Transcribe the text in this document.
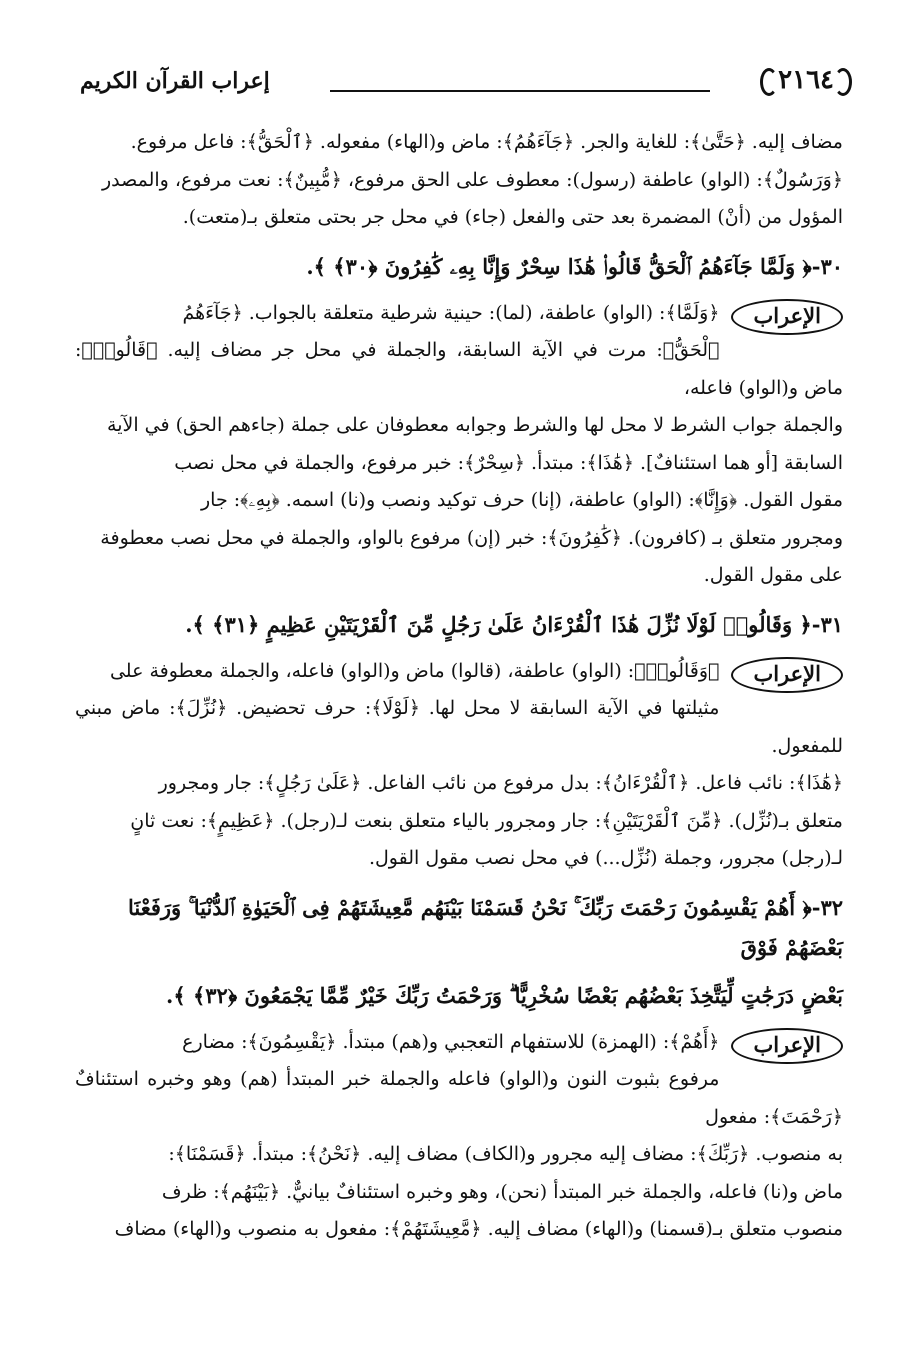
٢١٦٤
إعراب القرآن الكريم
مضاف إليه. ﴿حَتَّىٰ﴾: للغاية والجر. ﴿جَآءَهُمُ﴾: ماض و(الهاء) مفعوله. ﴿ٱلْحَقُّ﴾: فاعل مرفوع.
﴿وَرَسُولٌ﴾: (الواو) عاطفة (رسول): معطوف على الحق مرفوع، ﴿مُّبِينٌ﴾: نعت مرفوع، والمصدر
المؤول من (أنْ) المضمرة بعد حتى والفعل (جاء) في محل جر بحتى متعلق بـ(متعت).
٣٠-﴿ وَلَمَّا جَآءَهُمُ ٱلْحَقُّ قَالُوا۟ هَٰذَا سِحْرٌ وَإِنَّا بِهِۦ كَٰفِرُونَ ﴿٣٠﴾ ﴾.
الإعراب
﴿وَلَمَّا﴾: (الواو) عاطفة، (لما): حينية شرطية متعلقة بالجواب. ﴿جَآءَهُمُ
ٱلْحَقُّ﴾: مرت في الآية السابقة، والجملة في محل جر مضاف إليه. ﴿قَالُوا۟﴾: ماض و(الواو) فاعله،
والجملة جواب الشرط لا محل لها والشرط وجوابه معطوفان على جملة (جاءهم الحق) في الآية
السابقة [أو هما استئنافٌ]. ﴿هَٰذَا﴾: مبتدأ. ﴿سِحْرٌ﴾: خبر مرفوع، والجملة في محل نصب
مقول القول. ﴿وَإِنَّا﴾: (الواو) عاطفة، (إنا) حرف توكيد ونصب و(نا) اسمه. ﴿بِهِۦ﴾: جار
ومجرور متعلق بـ (كافرون). ﴿كَٰفِرُونَ﴾: خبر (إن) مرفوع بالواو، والجملة في محل نصب معطوفة
على مقول القول.
٣١-﴿ وَقَالُوا۟ لَوْلَا نُزِّلَ هَٰذَا ٱلْقُرْءَانُ عَلَىٰ رَجُلٍ مِّنَ ٱلْقَرْيَتَيْنِ عَظِيمٍ ﴿٣١﴾ ﴾.
الإعراب
﴿وَقَالُوا۟﴾: (الواو) عاطفة، (قالوا) ماض و(الواو) فاعله، والجملة معطوفة على
مثيلتها في الآية السابقة لا محل لها. ﴿لَوْلَا﴾: حرف تحضيض. ﴿نُزِّلَ﴾: ماض مبني للمفعول.
﴿هَٰذَا﴾: نائب فاعل. ﴿ٱلْقُرْءَانُ﴾: بدل مرفوع من نائب الفاعل. ﴿عَلَىٰ رَجُلٍ﴾: جار ومجرور
متعلق بـ(نُزِّل). ﴿مِّنَ ٱلْقَرْيَتَيْنِ﴾: جار ومجرور بالياء متعلق بنعت لـ(رجل). ﴿عَظِيمٍ﴾: نعت ثانٍ
لـ(رجل) مجرور، وجملة (نُزِّل...) في محل نصب مقول القول.
٣٢-﴿ أَهُمْ يَقْسِمُونَ رَحْمَتَ رَبِّكَ ۚ نَحْنُ قَسَمْنَا بَيْنَهُم مَّعِيشَتَهُمْ فِى ٱلْحَيَوٰةِ ٱلدُّنْيَا ۚ وَرَفَعْنَا بَعْضَهُمْ فَوْقَ
بَعْضٍ دَرَجَٰتٍ لِّيَتَّخِذَ بَعْضُهُم بَعْضًا سُخْرِيًّا ۗ وَرَحْمَتُ رَبِّكَ خَيْرٌ مِّمَّا يَجْمَعُونَ ﴿٣٢﴾ ﴾.
الإعراب
﴿أَهُمْ﴾: (الهمزة) للاستفهام التعجبي و(هم) مبتدأ. ﴿يَقْسِمُونَ﴾: مضارع
مرفوع بثبوت النون و(الواو) فاعله والجملة خبر المبتدأ (هم) وهو وخبره استئنافٌ ﴿رَحْمَتَ﴾: مفعول
به منصوب. ﴿رَبِّكَ﴾: مضاف إليه مجرور و(الكاف) مضاف إليه. ﴿نَحْنُ﴾: مبتدأ. ﴿قَسَمْنَا﴾:
ماض و(نا) فاعله، والجملة خبر المبتدأ (نحن)، وهو وخبره استئنافٌ بيانيٌّ. ﴿بَيْنَهُم﴾: ظرف
منصوب متعلق بـ(قسمنا) و(الهاء) مضاف إليه. ﴿مَّعِيشَتَهُمْ﴾: مفعول به منصوب و(الهاء) مضاف
